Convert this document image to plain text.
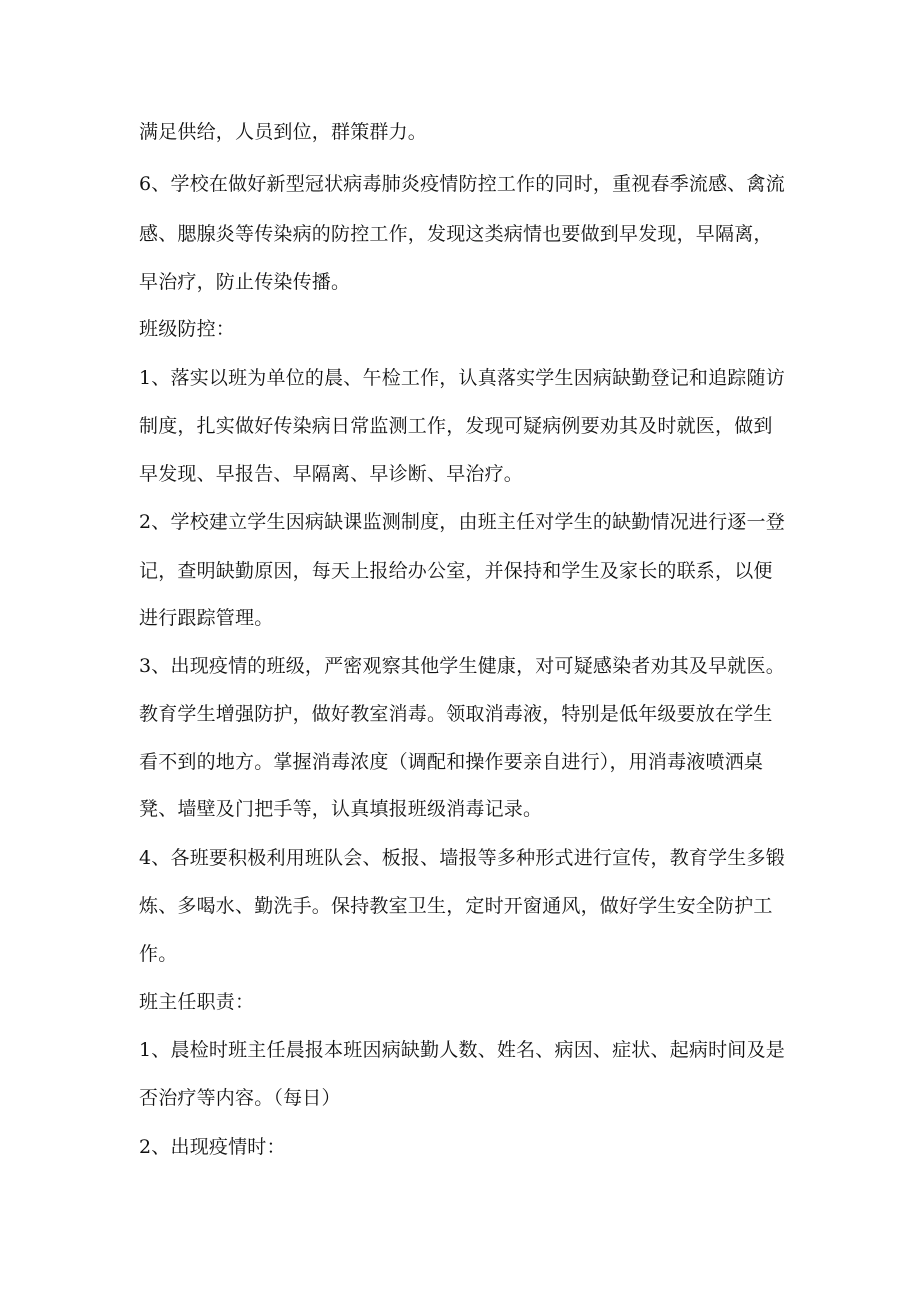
满足供给，人员到位，群策群力。
6、学校在做好新型冠状病毒肺炎疫情防控工作的同时，重视春季流感、禽流
感、腮腺炎等传染病的防控工作，发现这类病情也要做到早发现，早隔离，
早治疗，防止传染传播。
班级防控：
1、落实以班为单位的晨、午检工作，认真落实学生因病缺勤登记和追踪随访
制度，扎实做好传染病日常监测工作，发现可疑病例要劝其及时就医，做到
早发现、早报告、早隔离、早诊断、早治疗。
2、学校建立学生因病缺课监测制度，由班主任对学生的缺勤情况进行逐一登
记，查明缺勤原因，每天上报给办公室，并保持和学生及家长的联系，以便
进行跟踪管理。
3、出现疫情的班级，严密观察其他学生健康，对可疑感染者劝其及早就医。
教育学生增强防护，做好教室消毒。领取消毒液，特别是低年级要放在学生
看不到的地方。掌握消毒浓度（调配和操作要亲自进行），用消毒液喷洒桌
凳、墙壁及门把手等，认真填报班级消毒记录。
4、各班要积极利用班队会、板报、墙报等多种形式进行宣传，教育学生多锻
炼、多喝水、勤洗手。保持教室卫生，定时开窗通风，做好学生安全防护工
作。
班主任职责：
1、晨检时班主任晨报本班因病缺勤人数、姓名、病因、症状、起病时间及是
否治疗等内容。（每日）
2、出现疫情时：
